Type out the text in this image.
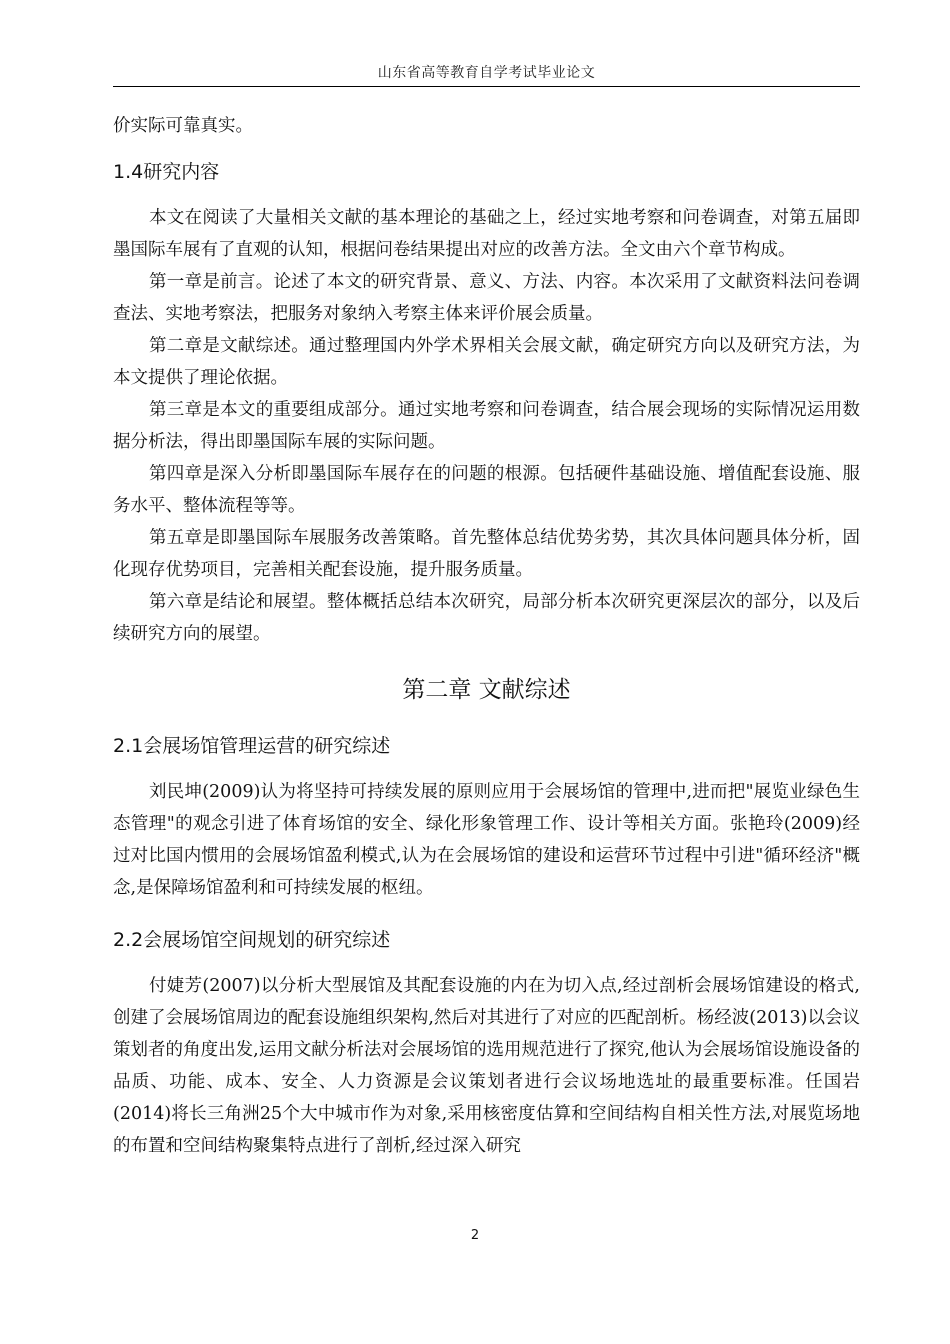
山东省高等教育自学考试毕业论文

价实际可靠真实。

1.4研究内容

本文在阅读了大量相关文献的基本理论的基础之上，经过实地考察和问卷调查，对第五届即墨国际车展有了直观的认知，根据问卷结果提出对应的改善方法。全文由六个章节构成。

第一章是前言。论述了本文的研究背景、意义、方法、内容。本次采用了文献资料法问卷调查法、实地考察法，把服务对象纳入考察主体来评价展会质量。

第二章是文献综述。通过整理国内外学术界相关会展文献，确定研究方向以及研究方法，为本文提供了理论依据。

第三章是本文的重要组成部分。通过实地考察和问卷调查，结合展会现场的实际情况运用数据分析法，得出即墨国际车展的实际问题。

第四章是深入分析即墨国际车展存在的问题的根源。包括硬件基础设施、增值配套设施、服务水平、整体流程等等。

第五章是即墨国际车展服务改善策略。首先整体总结优势劣势，其次具体问题具体分析，固化现存优势项目，完善相关配套设施，提升服务质量。

第六章是结论和展望。整体概括总结本次研究，局部分析本次研究更深层次的部分，以及后续研究方向的展望。

第二章 文献综述
2.1会展场馆管理运营的研究综述

刘民坤(2009)认为将坚持可持续发展的原则应用于会展场馆的管理中,进而把"展览业绿色生态管理"的观念引进了体育场馆的安全、绿化形象管理工作、设计等相关方面。张艳玲(2009)经过对比国内惯用的会展场馆盈利模式,认为在会展场馆的建设和运营环节过程中引进"循环经济"概念,是保障场馆盈利和可持续发展的枢纽。

2.2会展场馆空间规划的研究综述

付婕芳(2007)以分析大型展馆及其配套设施的内在为切入点,经过剖析会展场馆建设的格式,创建了会展场馆周边的配套设施组织架构,然后对其进行了对应的匹配剖析。杨经波(2013)以会议策划者的角度出发,运用文献分析法对会展场馆的选用规范进行了探究,他认为会展场馆设施设备的品质、功能、成本、安全、人力资源是会议策划者进行会议场地选址的最重要标准。任国岩(2014)将长三角洲25个大中城市作为对象,采用核密度估算和空间结构自相关性方法,对展览场地的布置和空间结构聚集特点进行了剖析,经过深入研究

2
